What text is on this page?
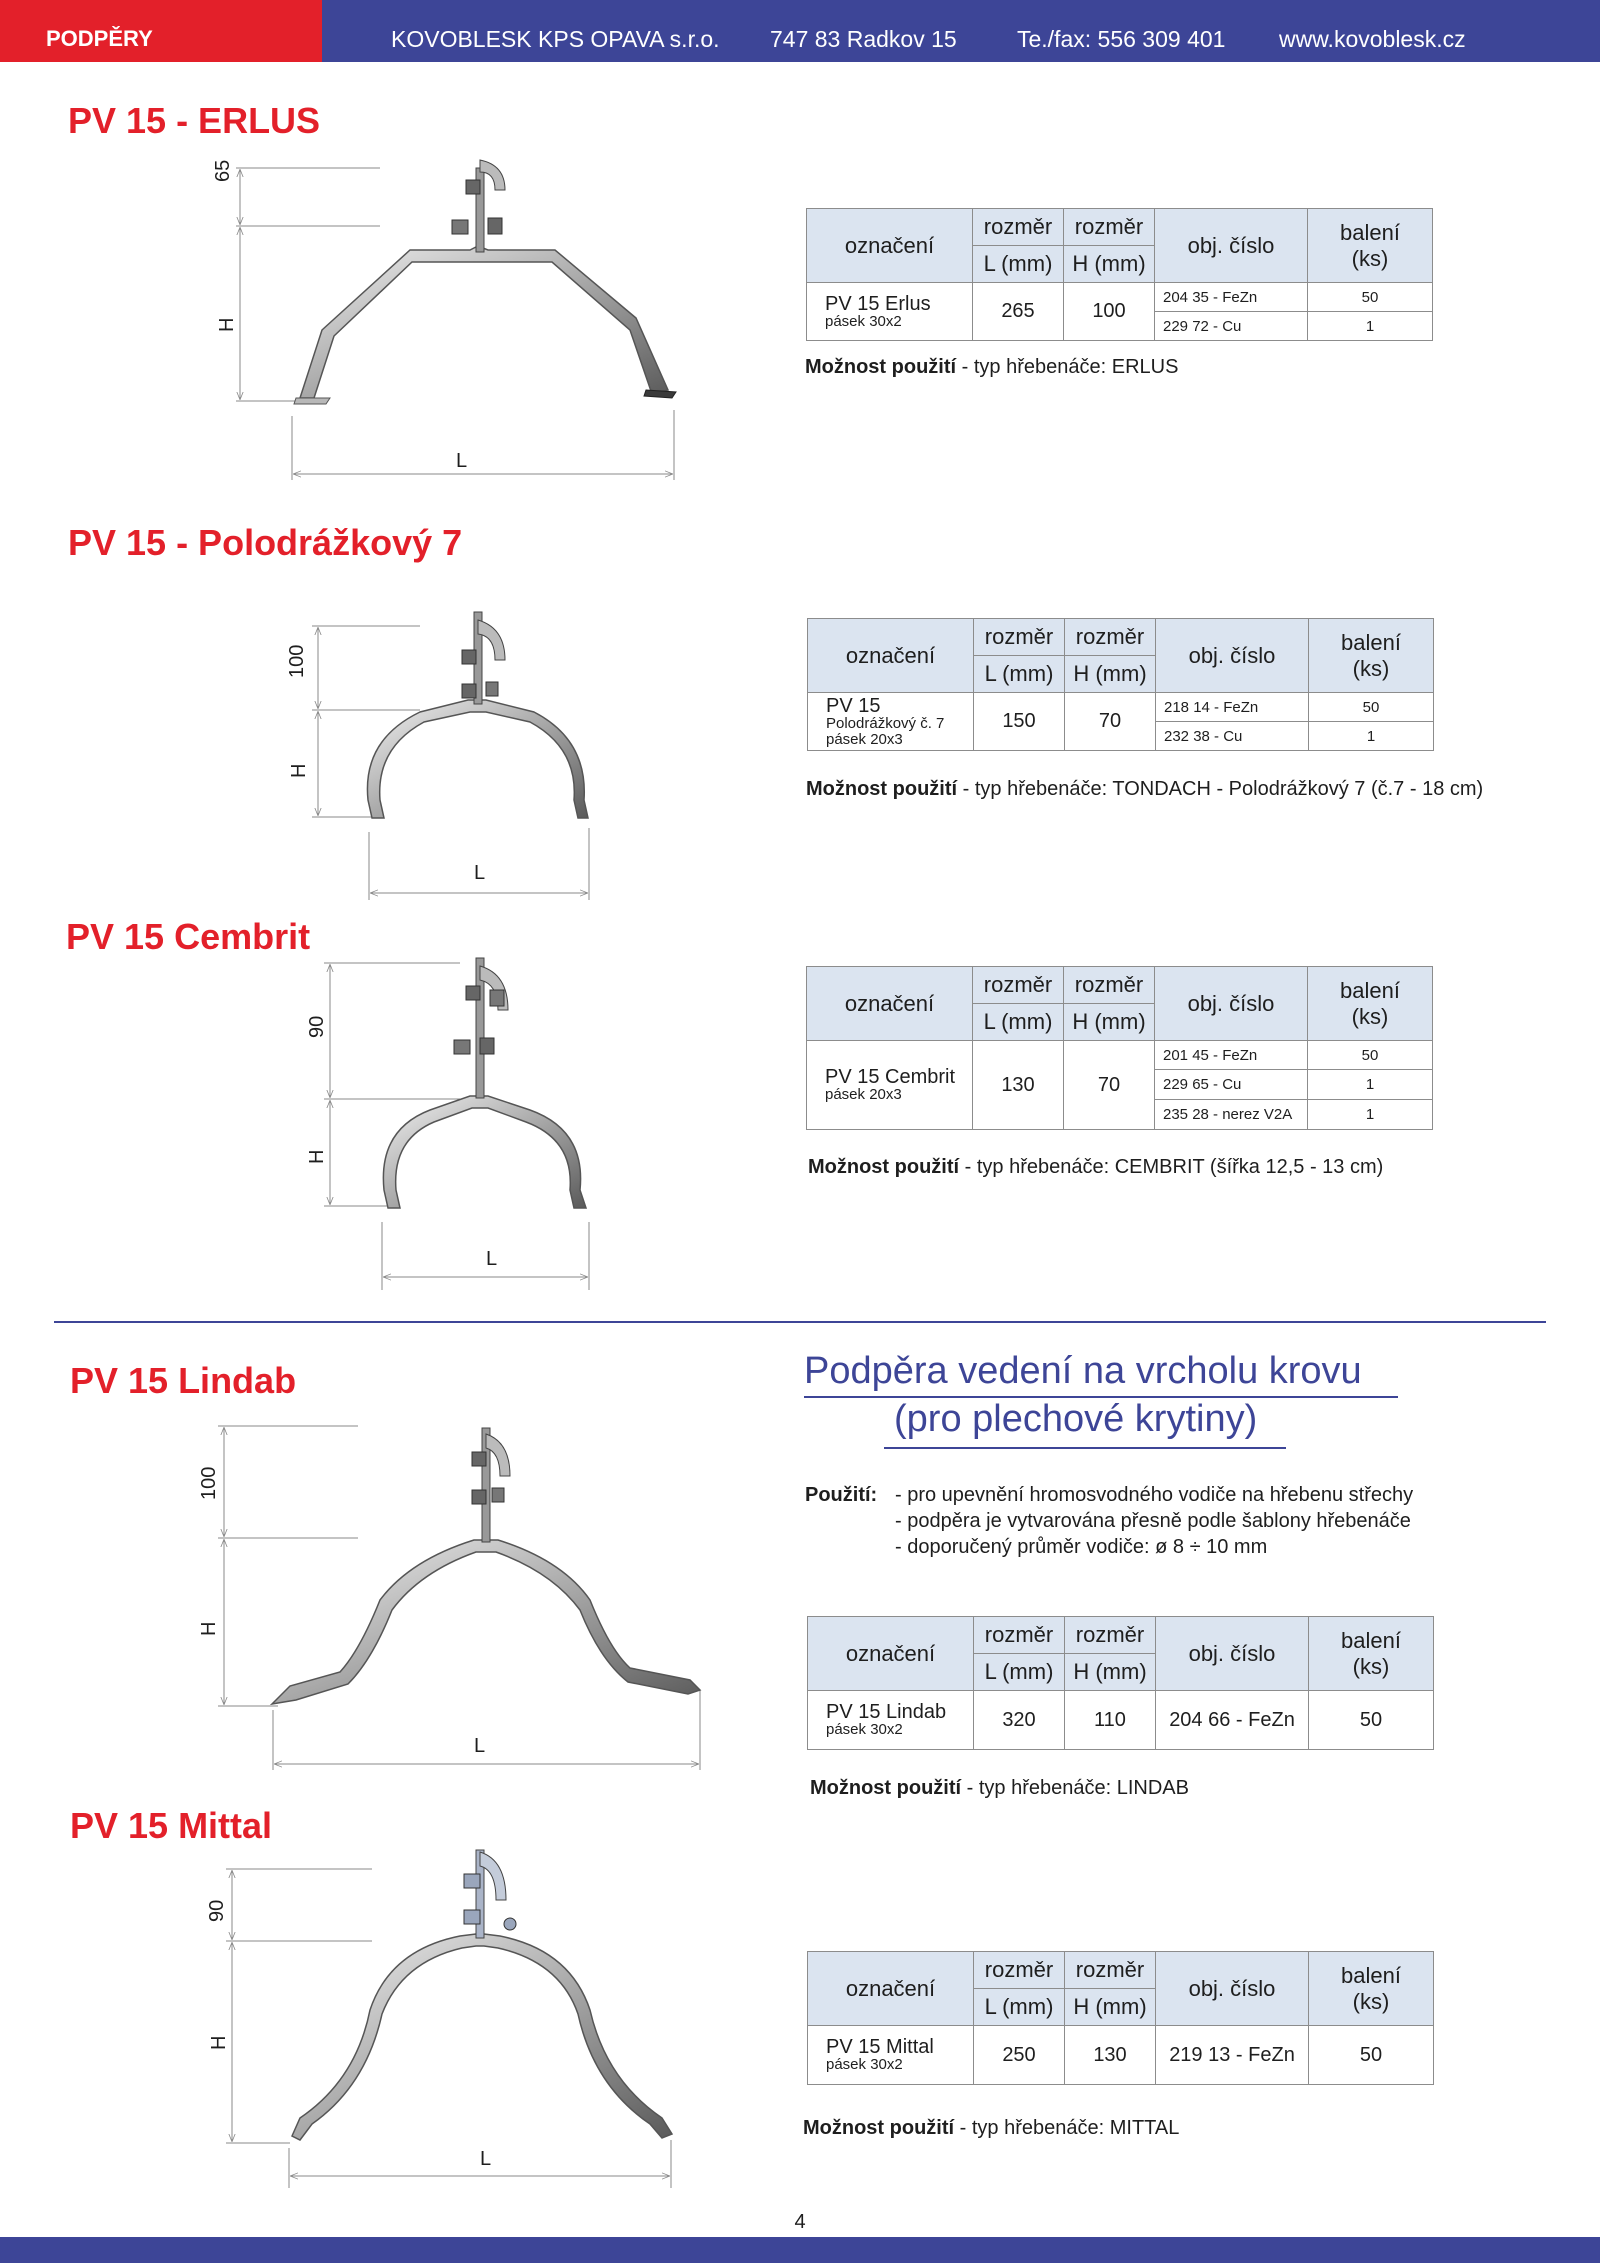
PODPĚRY	KOVOBLESK KPS OPAVA s.r.o. 747 83 Radkov 15	Te./fax: 556 309 401 www.kovoblesk.cz
PV 15 - ERLUS
PV 15 - Polodrážkový 7
PV 15 Cembrit
PV 15 Lindab
PV 15 Mittal
65
H
L
100
H
L
90
H
L
100
H
L
90
H
L
označení	rozměr	rozměr	obj. číslo	balení
(ks)
	L (mm)	H (mm)		
PV 15 Erlus
pásek 30x2	265	100	204 35 - FeZn	50
			229 72 - Cu	1
Možnost použití - typ hřebenáče: ERLUS
označení	rozměr	rozměr	obj. číslo	balení
(ks)
	L (mm)	H (mm)		
PV 15
Polodrážkový č. 7
pásek 20x3	150	70	218 14 - FeZn	50
			232 38 - Cu	1
Možnost použití - typ hřebenáče: TONDACH - Polodrážkový 7 (č.7 - 18 cm)
označení	rozměr	rozměr	obj. číslo	balení
(ks)
	L (mm)	H (mm)		
PV 15 Cembrit
pásek 20x3	130	70	201 45 - FeZn	50
			229 65 - Cu	1
			235 28 - nerez V2A	1
Možnost použití - typ hřebenáče: CEMBRIT (šířka 12,5 - 13 cm)
Podpěra vedení na vrcholu krovu
(pro plechové krytiny)
Použití: - pro upevnění hromosvodného vodiče na hřebenu střechy
- podpěra je vytvarována přesně podle šablony hřebenáče
- doporučený průměr vodiče: ø 8 ÷ 10 mm
označení	rozměr	rozměr	obj. číslo	balení
(ks)
	L (mm)	H (mm)		
PV 15 Lindab
pásek 30x2	320	110	204 66 - FeZn	50
Možnost použití - typ hřebenáče: LINDAB
označení	rozměr	rozměr	obj. číslo	balení
(ks)
	L (mm)	H (mm)		
PV 15 Mittal
pásek 30x2	250	130	219 13 - FeZn	50
Možnost použití - typ hřebenáče: MITTAL
4
